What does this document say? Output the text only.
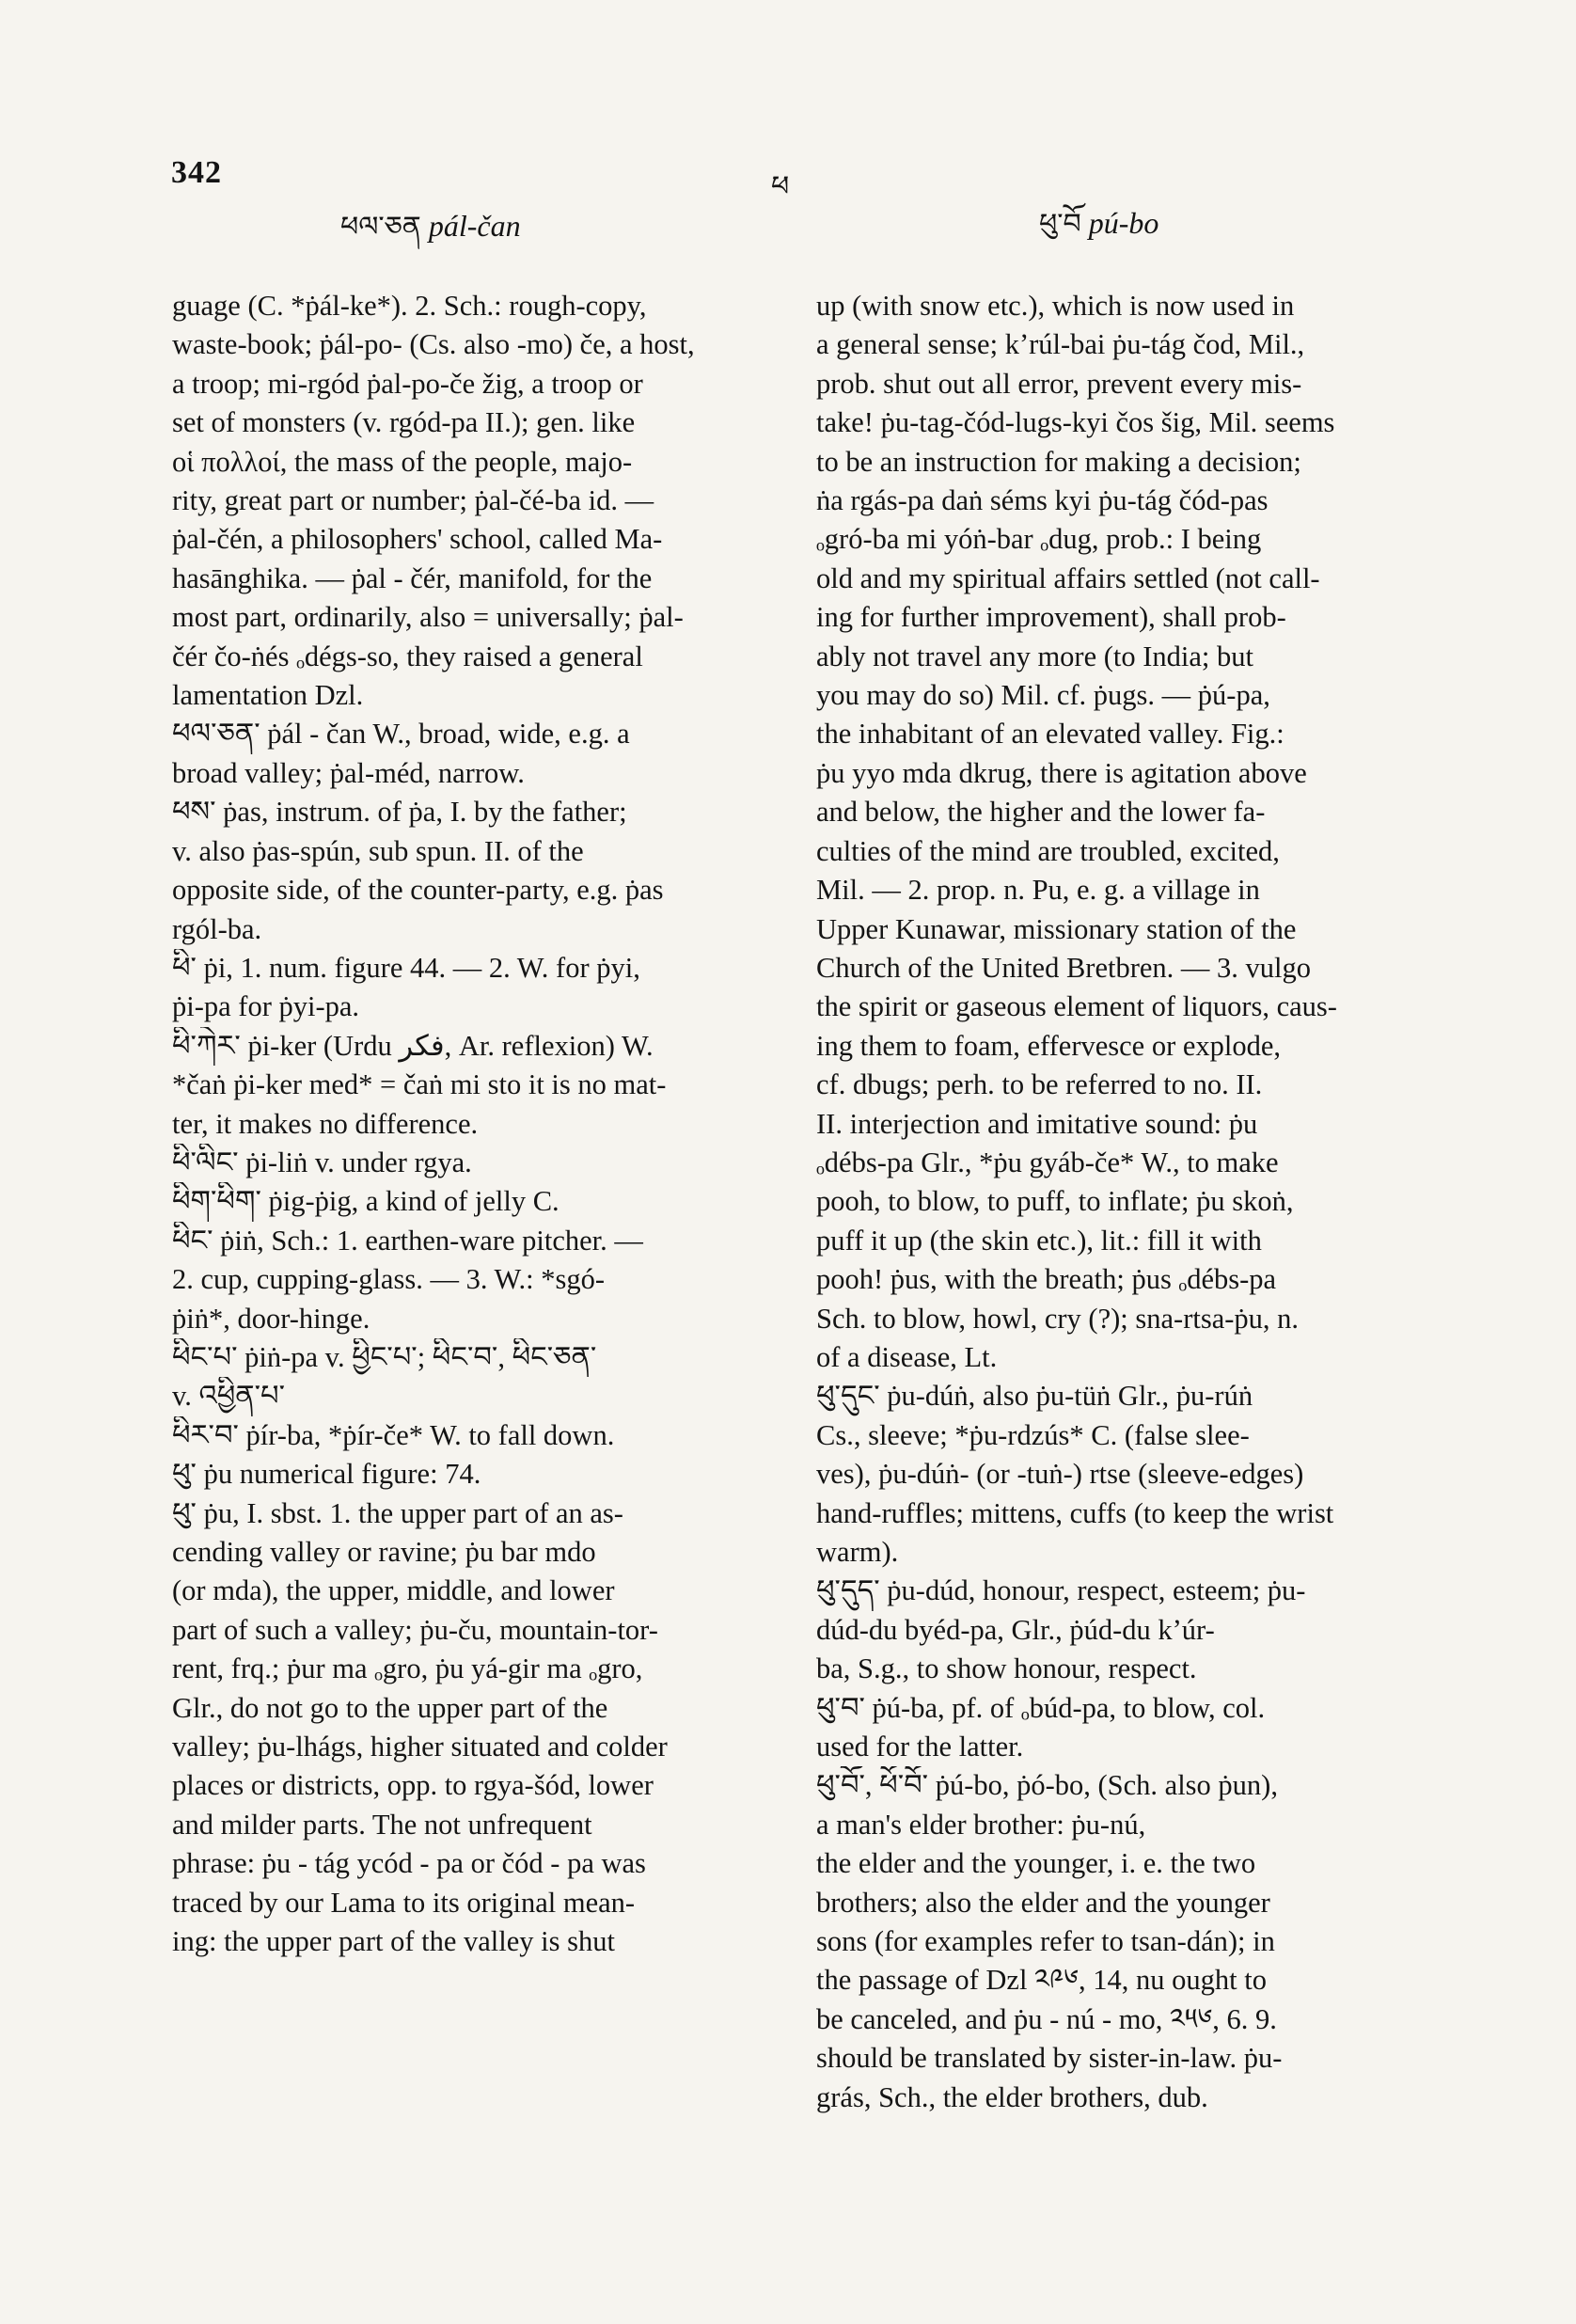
342
ཕལ་ཅན pál-čan
ཕ
ཕུ་བོ pú-bo
guage (C. *ṗál-ke*). 2. Sch.: rough-copy,
waste-book; ṗál-po- (Cs. also -mo) če, a host,
a troop; mi-rgód ṗal-po-če žig, a troop or
set of monsters (v. rgód-pa II.); gen. like
οἱ πολλοί, the mass of the people, majo-
rity, great part or number; ṗal-čé-ba id. —
ṗal-čén, a philosophers' school, called Ma-
hasānghika. — ṗal - čér, manifold, for the
most part, ordinarily, also = universally; ṗal-
čér čo-ṅés ₒdégs-so, they raised a general
lamentation Dzl.
ཕལ་ཅན་ ṗál - čan W., broad, wide, e.g. a
broad valley; ṗal-méd, narrow.
ཕས་ ṗas, instrum. of ṗa, I. by the father;
v. also ṗas-spún, sub spun. II. of the
opposite side, of the counter-party, e.g. ṗas
rgól-ba.
ཕི་ ṗi, 1. num. figure 44. — 2. W. for ṗyi,
ṗi-pa for ṗyi-pa.
ཕི་ཀེར་ ṗi-ker (Urdu فکر, Ar. reflexion) W.
*čaṅ ṗi-ker med* = čaṅ mi sto it is no mat-
ter, it makes no difference.
ཕི་ལིང་ ṗi-liṅ v. under rgya.
ཕིག་ཕིག་ ṗig-ṗig, a kind of jelly C.
ཕིང་ ṗiṅ, Sch.: 1. earthen-ware pitcher. —
2. cup, cupping-glass. — 3. W.: *sgó-
ṗiṅ*, door-hinge.
ཕིང་པ་ ṗiṅ-pa v. ཕྱིང་པ་; ཕིང་བ་, ཕིང་ཅན་
v. འཕྱིན་པ་
ཕིར་བ་ ṗír-ba, *ṗír-če* W. to fall down.
ཕུ་ ṗu numerical figure: 74.
ཕུ་ ṗu, I. sbst. 1. the upper part of an as-
cending valley or ravine; ṗu bar mdo
(or mda), the upper, middle, and lower
part of such a valley; ṗu-ču, mountain-tor-
rent, frq.; ṗur ma ₒgro, ṗu yá-gir ma ₒgro,
Glr., do not go to the upper part of the
valley; ṗu-lhágs, higher situated and colder
places or districts, opp. to rgya-šód, lower
and milder parts. The not unfrequent
phrase: ṗu - tág ycód - pa or čód - pa was
traced by our Lama to its original mean-
ing: the upper part of the valley is shut
up (with snow etc.), which is now used in
a general sense; kʼrúl-bai ṗu-tág čod, Mil.,
prob. shut out all error, prevent every mis-
take! ṗu-tag-čód-lugs-kyi čos šig, Mil. seems
to be an instruction for making a decision;
ṅa rgás-pa daṅ séms kyi ṗu-tág čód-pas
ₒgró-ba mi yóṅ-bar ₒdug, prob.: I being
old and my spiritual affairs settled (not call-
ing for further improvement), shall prob-
ably not travel any more (to India; but
you may do so) Mil. cf. ṗugs. — ṗú-pa,
the inhabitant of an elevated valley. Fig.:
ṗu yyo mda dkrug, there is agitation above
and below, the higher and the lower fa-
culties of the mind are troubled, excited,
Mil. — 2. prop. n. Pu, e. g. a village in
Upper Kunawar, missionary station of the
Church of the United Bretbren. — 3. vulgo
the spirit or gaseous element of liquors, caus-
ing them to foam, effervesce or explode,
cf. dbugs; perh. to be referred to no. II.
II. interjection and imitative sound: ṗu
ₒdébs-pa Glr., *ṗu gyáb-če* W., to make
pooh, to blow, to puff, to inflate; ṗu skoṅ,
puff it up (the skin etc.), lit.: fill it with
pooh! ṗus, with the breath; ṗus ₒdébs-pa
Sch. to blow, howl, cry (?); sna-rtsa-ṗu, n.
of a disease, Lt.
ཕུ་དུང་ ṗu-dúṅ, also ṗu-tüṅ Glr., ṗu-rúṅ
Cs., sleeve; *ṗu-rdzús* C. (false slee-
ves), ṗu-dúṅ- (or -tuṅ-) rtse (sleeve-edges)
hand-ruffles; mittens, cuffs (to keep the wrist
warm).
ཕུ་དུད་ ṗu-dúd, honour, respect, esteem; ṗu-
dúd-du byéd-pa, Glr., ṗúd-du kʼúr-
ba, S.g., to show honour, respect.
ཕུ་བ་ ṗú-ba, pf. of ₒbúd-pa, to blow, col.
used for the latter.
ཕུ་བོ་, ཕོ་བོ་ ṗú-bo, ṗó-bo, (Sch. also ṗun),
a man's elder brother: ṗu-nú,
the elder and the younger, i. e. the two
brothers; also the elder and the younger
sons (for examples refer to tsan-dán); in
the passage of Dzl ༢༩༦, 14, nu ought to
be canceled, and ṗu - nú - mo, ༢༥༦, 6. 9.
should be translated by sister-in-law. ṗu-
grás, Sch., the elder brothers, dub.
